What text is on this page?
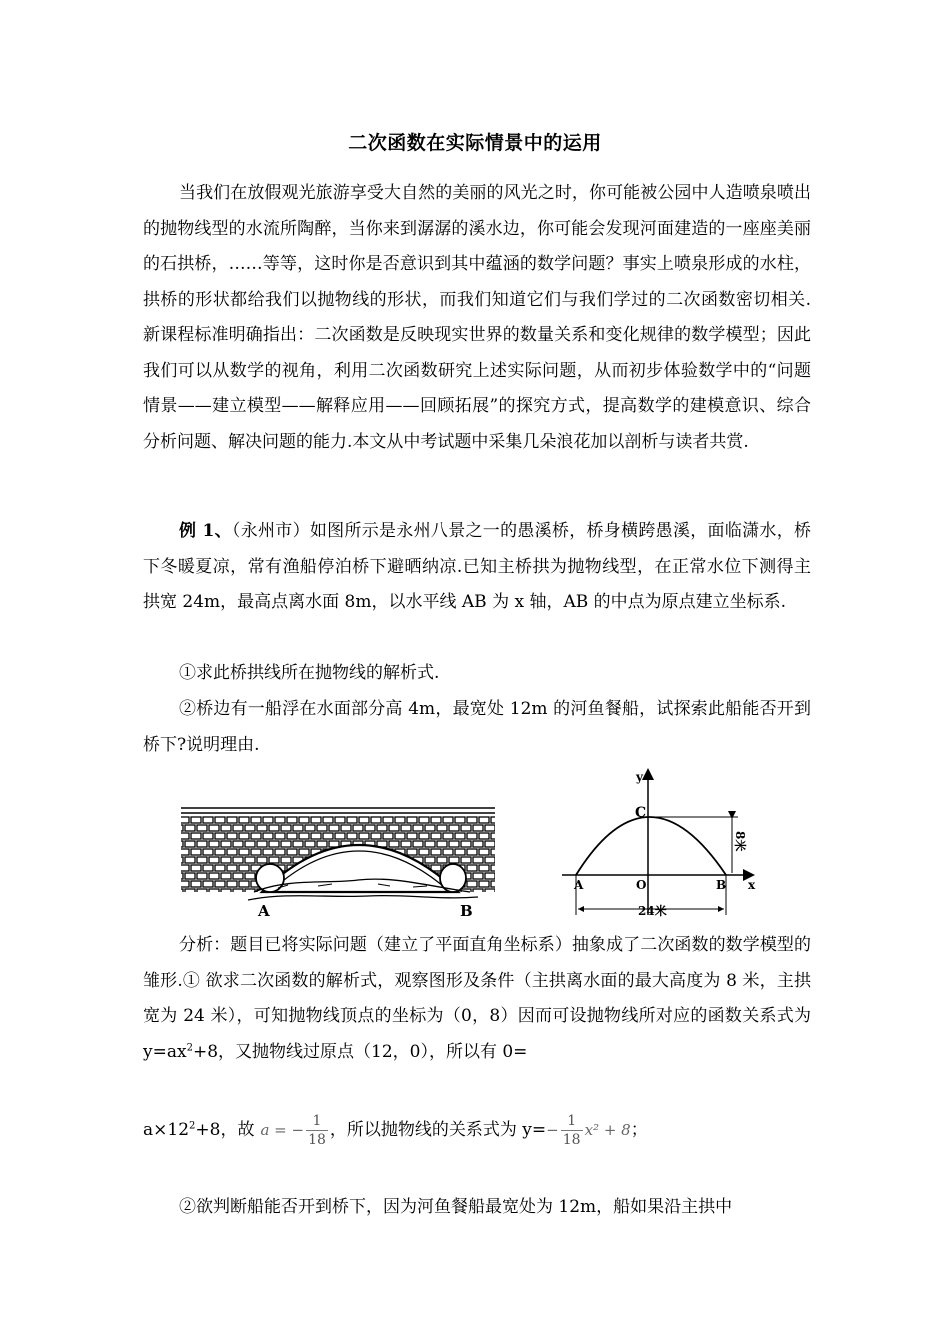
二次函数在实际情景中的运用

当我们在放假观光旅游享受大自然的美丽的风光之时，你可能被公园中人造喷泉喷出的抛物线型的水流所陶醉，当你来到潺潺的溪水边，你可能会发现河面建造的一座座美丽的石拱桥，……等等，这时你是否意识到其中蕴涵的数学问题？事实上喷泉形成的水柱，拱桥的形状都给我们以抛物线的形状，而我们知道它们与我们学过的二次函数密切相关.新课程标准明确指出：二次函数是反映现实世界的数量关系和变化规律的数学模型；因此我们可以从数学的视角，利用二次函数研究上述实际问题，从而初步体验数学中的“问题情景——建立模型——解释应用——回顾拓展”的探究方式，提高数学的建模意识、综合分析问题、解决问题的能力.本文从中考试题中采集几朵浪花加以剖析与读者共赏.

例 1、（永州市）如图所示是永州八景之一的愚溪桥，桥身横跨愚溪，面临潇水，桥下冬暖夏凉，常有渔船停泊桥下避晒纳凉.已知主桥拱为抛物线型，在正常水位下测得主拱宽 24m，最高点离水面 8m，以水平线 AB 为 x 轴，AB 的中点为原点建立坐标系.

①求此桥拱线所在抛物线的解析式.

②桥边有一船浮在水面部分高 4m，最宽处 12m 的河鱼餐船，试探索此船能否开到桥下?说明理由.

A	B
y
x
C
A	O	B
8米
24米

分析：题目已将实际问题（建立了平面直角坐标系）抽象成了二次函数的数学模型的雏形.① 欲求二次函数的解析式，观察图形及条件（主拱离水面的最大高度为 8 米，主拱宽为 24 米），可知抛物线顶点的坐标为（0，8）因而可设抛物线所对应的函数关系式为 $y=ax^2+8$，又抛物线过原点（12，0），所以有 0=

$a\times 12^2+8$，故 a = − $\frac{1}{18}$ ，所以抛物线的关系式为 $y=- \frac{1}{18} x^2 + 8$；

②欲判断船能否开到桥下，因为河鱼餐船最宽处为 12m，船如果沿主拱中
